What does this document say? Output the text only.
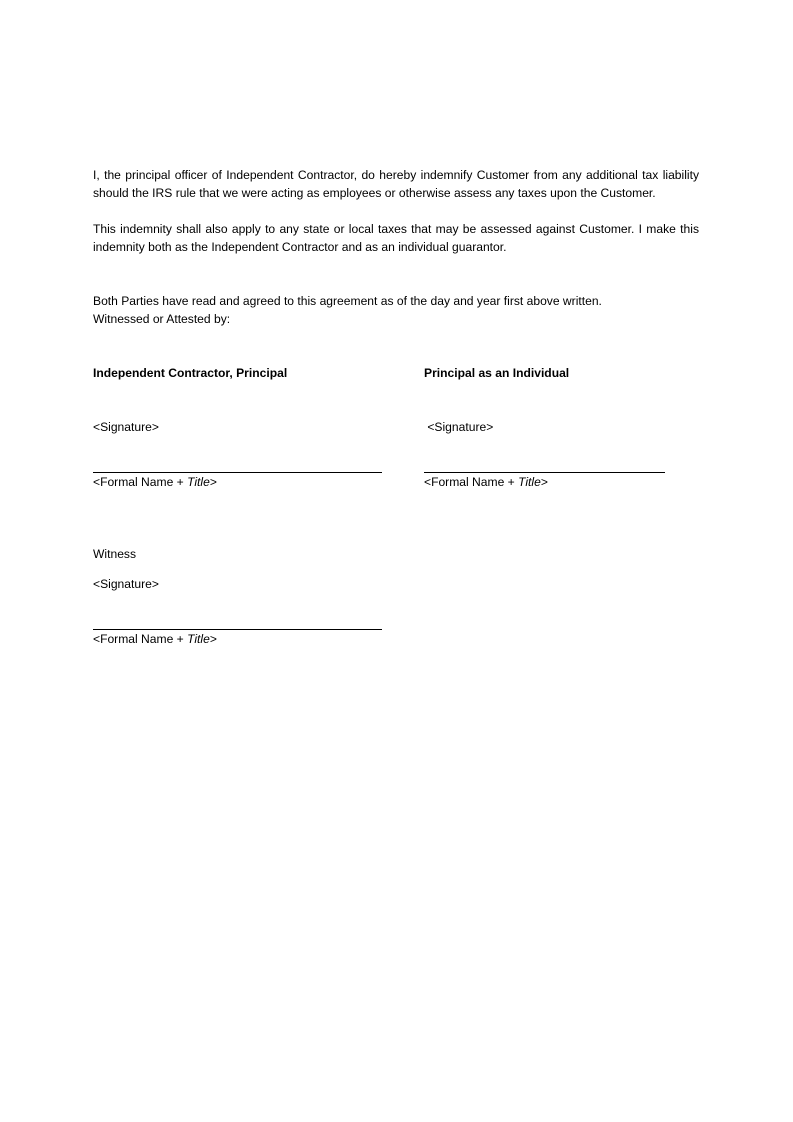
I, the principal officer of Independent Contractor, do hereby indemnify Customer from any additional tax liability should the IRS rule that we were acting as employees or otherwise assess any taxes upon the Customer.

This indemnity shall also apply to any state or local taxes that may be assessed against Customer. I make this indemnity both as the Independent Contractor and as an individual guarantor.

Both Parties have read and agreed to this agreement as of the day and year first above written.
Witnessed or Attested by:
Independent Contractor, Principal	Principal as an Individual
<Signature>	<Signature>
<Formal Name + Title>	<Formal Name + Title>
Witness
<Signature>
<Formal Name + Title>
